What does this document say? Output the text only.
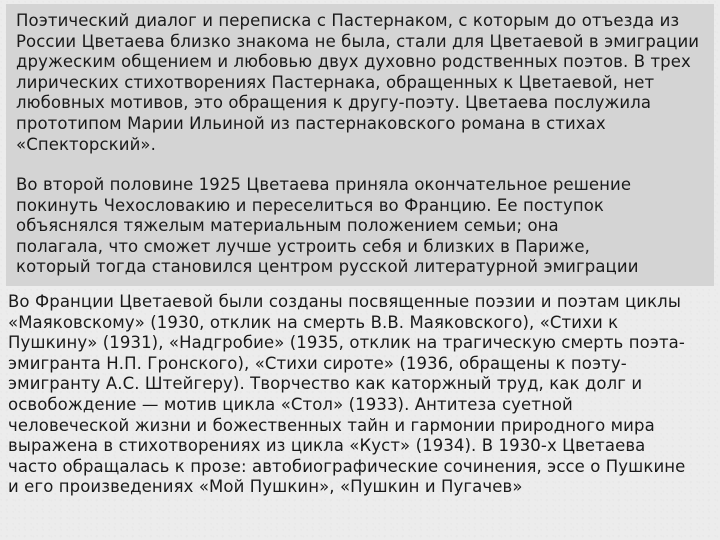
Поэтический диалог и переписка с Пастернаком, с которым до отъезда из
России Цветаева близко знакома не была, стали для Цветаевой в эмиграции
дружеским общением и любовью двух духовно родственных поэтов. В трех
лирических стихотворениях Пастернака, обращенных к Цветаевой, нет
любовных мотивов, это обращения к другу-поэту. Цветаева послужила
прототипом Марии Ильиной из пастернаковского романа в стихах
«Спекторский».

Во второй половине 1925 Цветаева приняла окончательное решение
покинуть Чехословакию и переселиться во Францию. Ее поступок
объяснялся тяжелым материальным положением семьи; она
полагала, что сможет лучше устроить себя и близких в Париже,
который тогда становился центром русской литературной эмиграции

Во Франции Цветаевой были созданы посвященные поэзии и поэтам циклы
«Маяковскому» (1930, отклик на смерть В.В. Маяковского), «Стихи к
Пушкину» (1931), «Надгробие» (1935, отклик на трагическую смерть поэта-
эмигранта Н.П. Гронского), «Стихи сироте» (1936, обращены к поэту-
эмигранту А.С. Штейгеру). Творчество как каторжный труд, как долг и
освобождение — мотив цикла «Стол» (1933). Антитеза суетной
человеческой жизни и божественных тайн и гармонии природного мира
выражена в стихотворениях из цикла «Куст» (1934). В 1930-х Цветаева
часто обращалась к прозе: автобиографические сочинения, эссе о Пушкине
и его произведениях «Мой Пушкин», «Пушкин и Пугачев»
